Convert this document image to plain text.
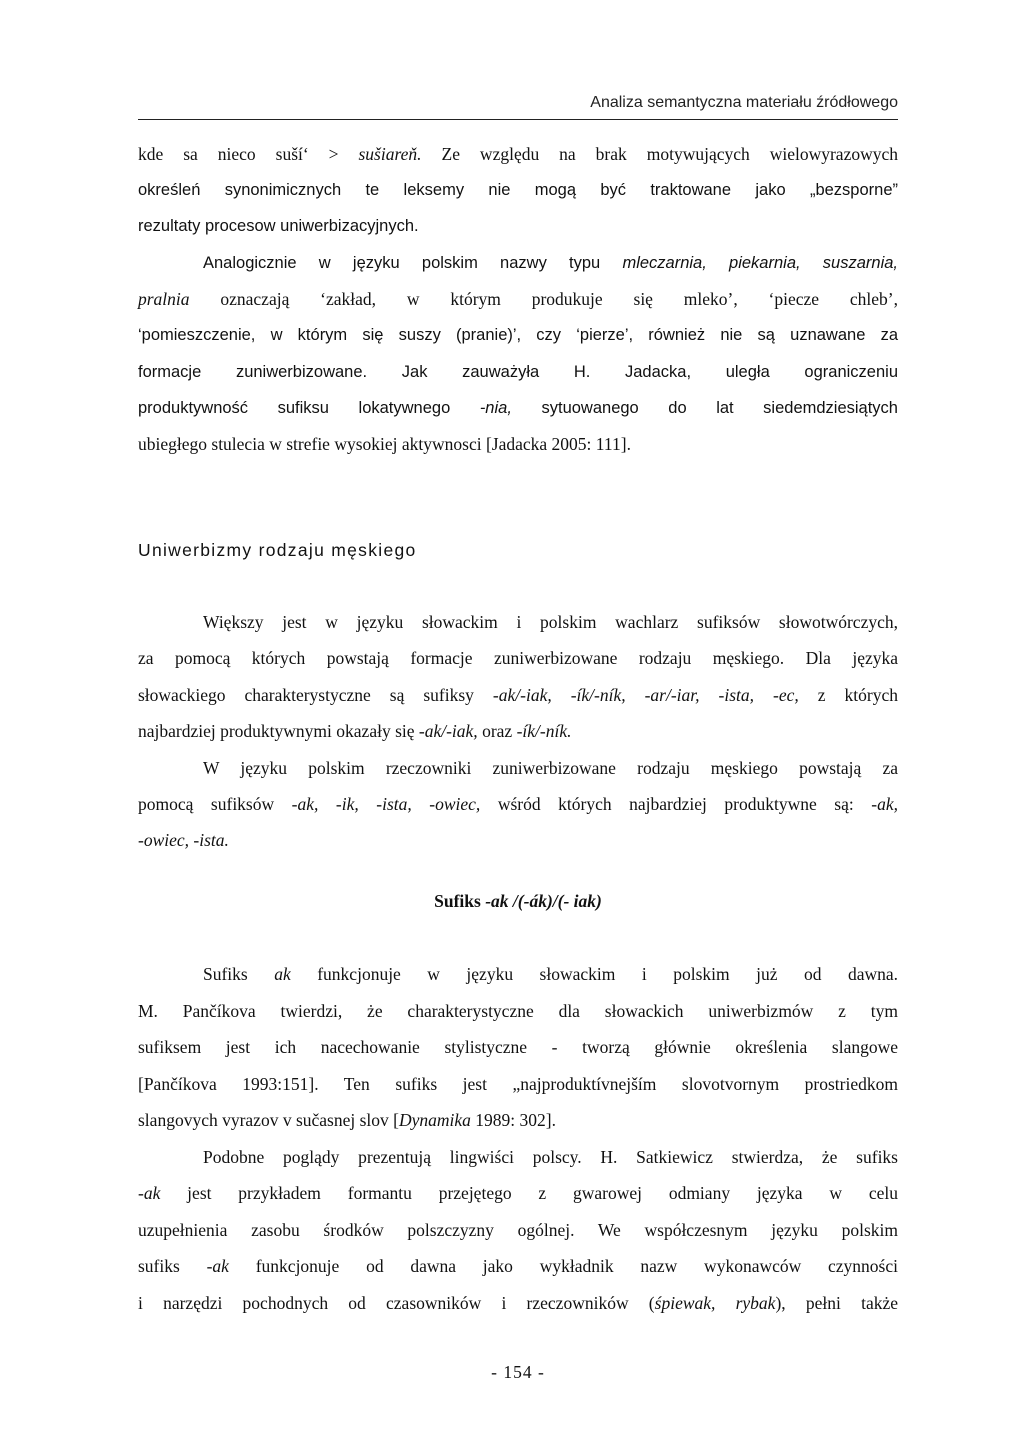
Analiza semantyczna materiału źródłowego
kde sa nieco suší‘ > sušiareň. Ze względu na brak motywujących wielowyrazowych
określeń synonimicznych te leksemy nie mogą być traktowane jako „bezsporne”
rezultaty procesow uniwerbizacyjnych.
Analogicznie w języku polskim nazwy typu mleczarnia, piekarnia, suszarnia,
pralnia oznaczają ‘zakład, w którym produkuje się mleko’, ‘piecze chleb’,
‘pomieszczenie, w którym się suszy (pranie)’, czy ‘pierze’, również nie są uznawane za
formacje zuniwerbizowane. Jak zauważyła H. Jadacka, uległa ograniczeniu
produktywność sufiksu lokatywnego -nia, sytuowanego do lat siedemdziesiątych
ubiegłego stulecia w strefie wysokiej aktywnosci [Jadacka 2005: 111].
Uniwerbizmy rodzaju męskiego
Większy jest w języku słowackim i polskim wachlarz sufiksów słowotwórczych,
za pomocą których powstają formacje zuniwerbizowane rodzaju męskiego. Dla języka
słowackiego charakterystyczne są sufiksy -ak/-iak, -ík/-ník, -ar/-iar, -ista, -ec, z których
najbardziej produktywnymi okazały się -ak/-iak, oraz -ík/-ník.
W języku polskim rzeczowniki zuniwerbizowane rodzaju męskiego powstają za
pomocą sufiksów -ak, -ik, -ista, -owiec, wśród których najbardziej produktywne są: -ak,
-owiec, -ista.
Sufiks -ak /(-ák)/(- iak)
Sufiks ak funkcjonuje w języku słowackim i polskim już od dawna.
M. Pančíkova twierdzi, że charakterystyczne dla słowackich uniwerbizmów z tym
sufiksem jest ich nacechowanie stylistyczne - tworzą głównie określenia slangowe
[Pančíkova 1993:151]. Ten sufiks jest „najproduktívnejším slovotvornym prostriedkom
slangovych vyrazov v sučasnej slov [Dynamika 1989: 302].
Podobne poglądy prezentują lingwiści polscy. H. Satkiewicz stwierdza, że sufiks
-ak jest przykładem formantu przejętego z gwarowej odmiany języka w celu
uzupełnienia zasobu środków polszczyzny ogólnej. We współczesnym języku polskim
sufiks -ak funkcjonuje od dawna jako wykładnik nazw wykonawców czynności
i narzędzi pochodnych od czasowników i rzeczowników (śpiewak, rybak), pełni także
- 154 -
